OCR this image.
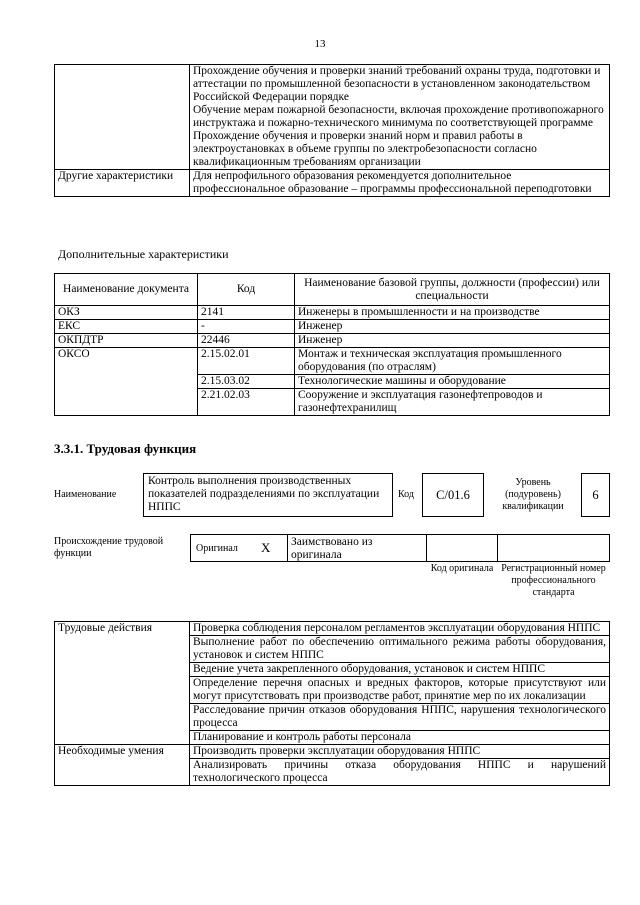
13

	Прохождение обучения и проверки знаний требований охраны труда, подготовки и аттестации по промышленной безопасности в установленном законодательством Российской Федерации порядке

Обучение мерам пожарной безопасности, включая прохождение противопожарного инструктажа и пожарно-технического минимума по соответствующей программе

Прохождение обучения и проверки знаний норм и правил работы в электроустановках в объеме группы по электробезопасности согласно квалификационным требованиям организации

Другие характеристики	Для непрофильного образования рекомендуется дополнительное профессиональное образование – программы профессиональной переподготовки
Дополнительные характеристики
Наименование документа	Код	Наименование базовой группы, должности (профессии) или специальности
ОКЗ	2141	Инженеры в промышленности и на производстве
ЕКС	-	Инженер
ОКПДТР	22446	Инженер
ОКСО	2.15.02.01	Монтаж и техническая эксплуатация промышленного оборудования (по отраслям)
	2.15.03.02	Технологические машины и оборудование
	2.21.02.03	Сооружение и эксплуатация газонефтепроводов и газонефтехранилищ
3.3.1. Трудовая функция
Наименование
Контроль выполнения производственных показателей подразделениями по эксплуатации НППС
Код	С/01.6
Уровень (подуровень) квалификации
6
Происхождение трудовой функции	Оригинал X	Заимствовано из оригинала
Код оригинала Регистрационный номер профессионального стандарта
Трудовые действия	Проверка соблюдения персоналом регламентов эксплуатации оборудования НППС
	Выполнение работ по обеспечению оптимального режима работы оборудования, установок и систем НППС
	Ведение учета закрепленного оборудования, установок и систем НППС
	Определение перечня опасных и вредных факторов, которые присутствуют или могут присутствовать при производстве работ, принятие мер по их локализации
	Расследование причин отказов оборудования НППС, нарушения технологического процесса
	Планирование и контроль работы персонала
Необходимые умения	Производить проверки эксплуатации оборудования НППС
	Анализировать причины отказа оборудования НППС и нарушений технологического процесса
